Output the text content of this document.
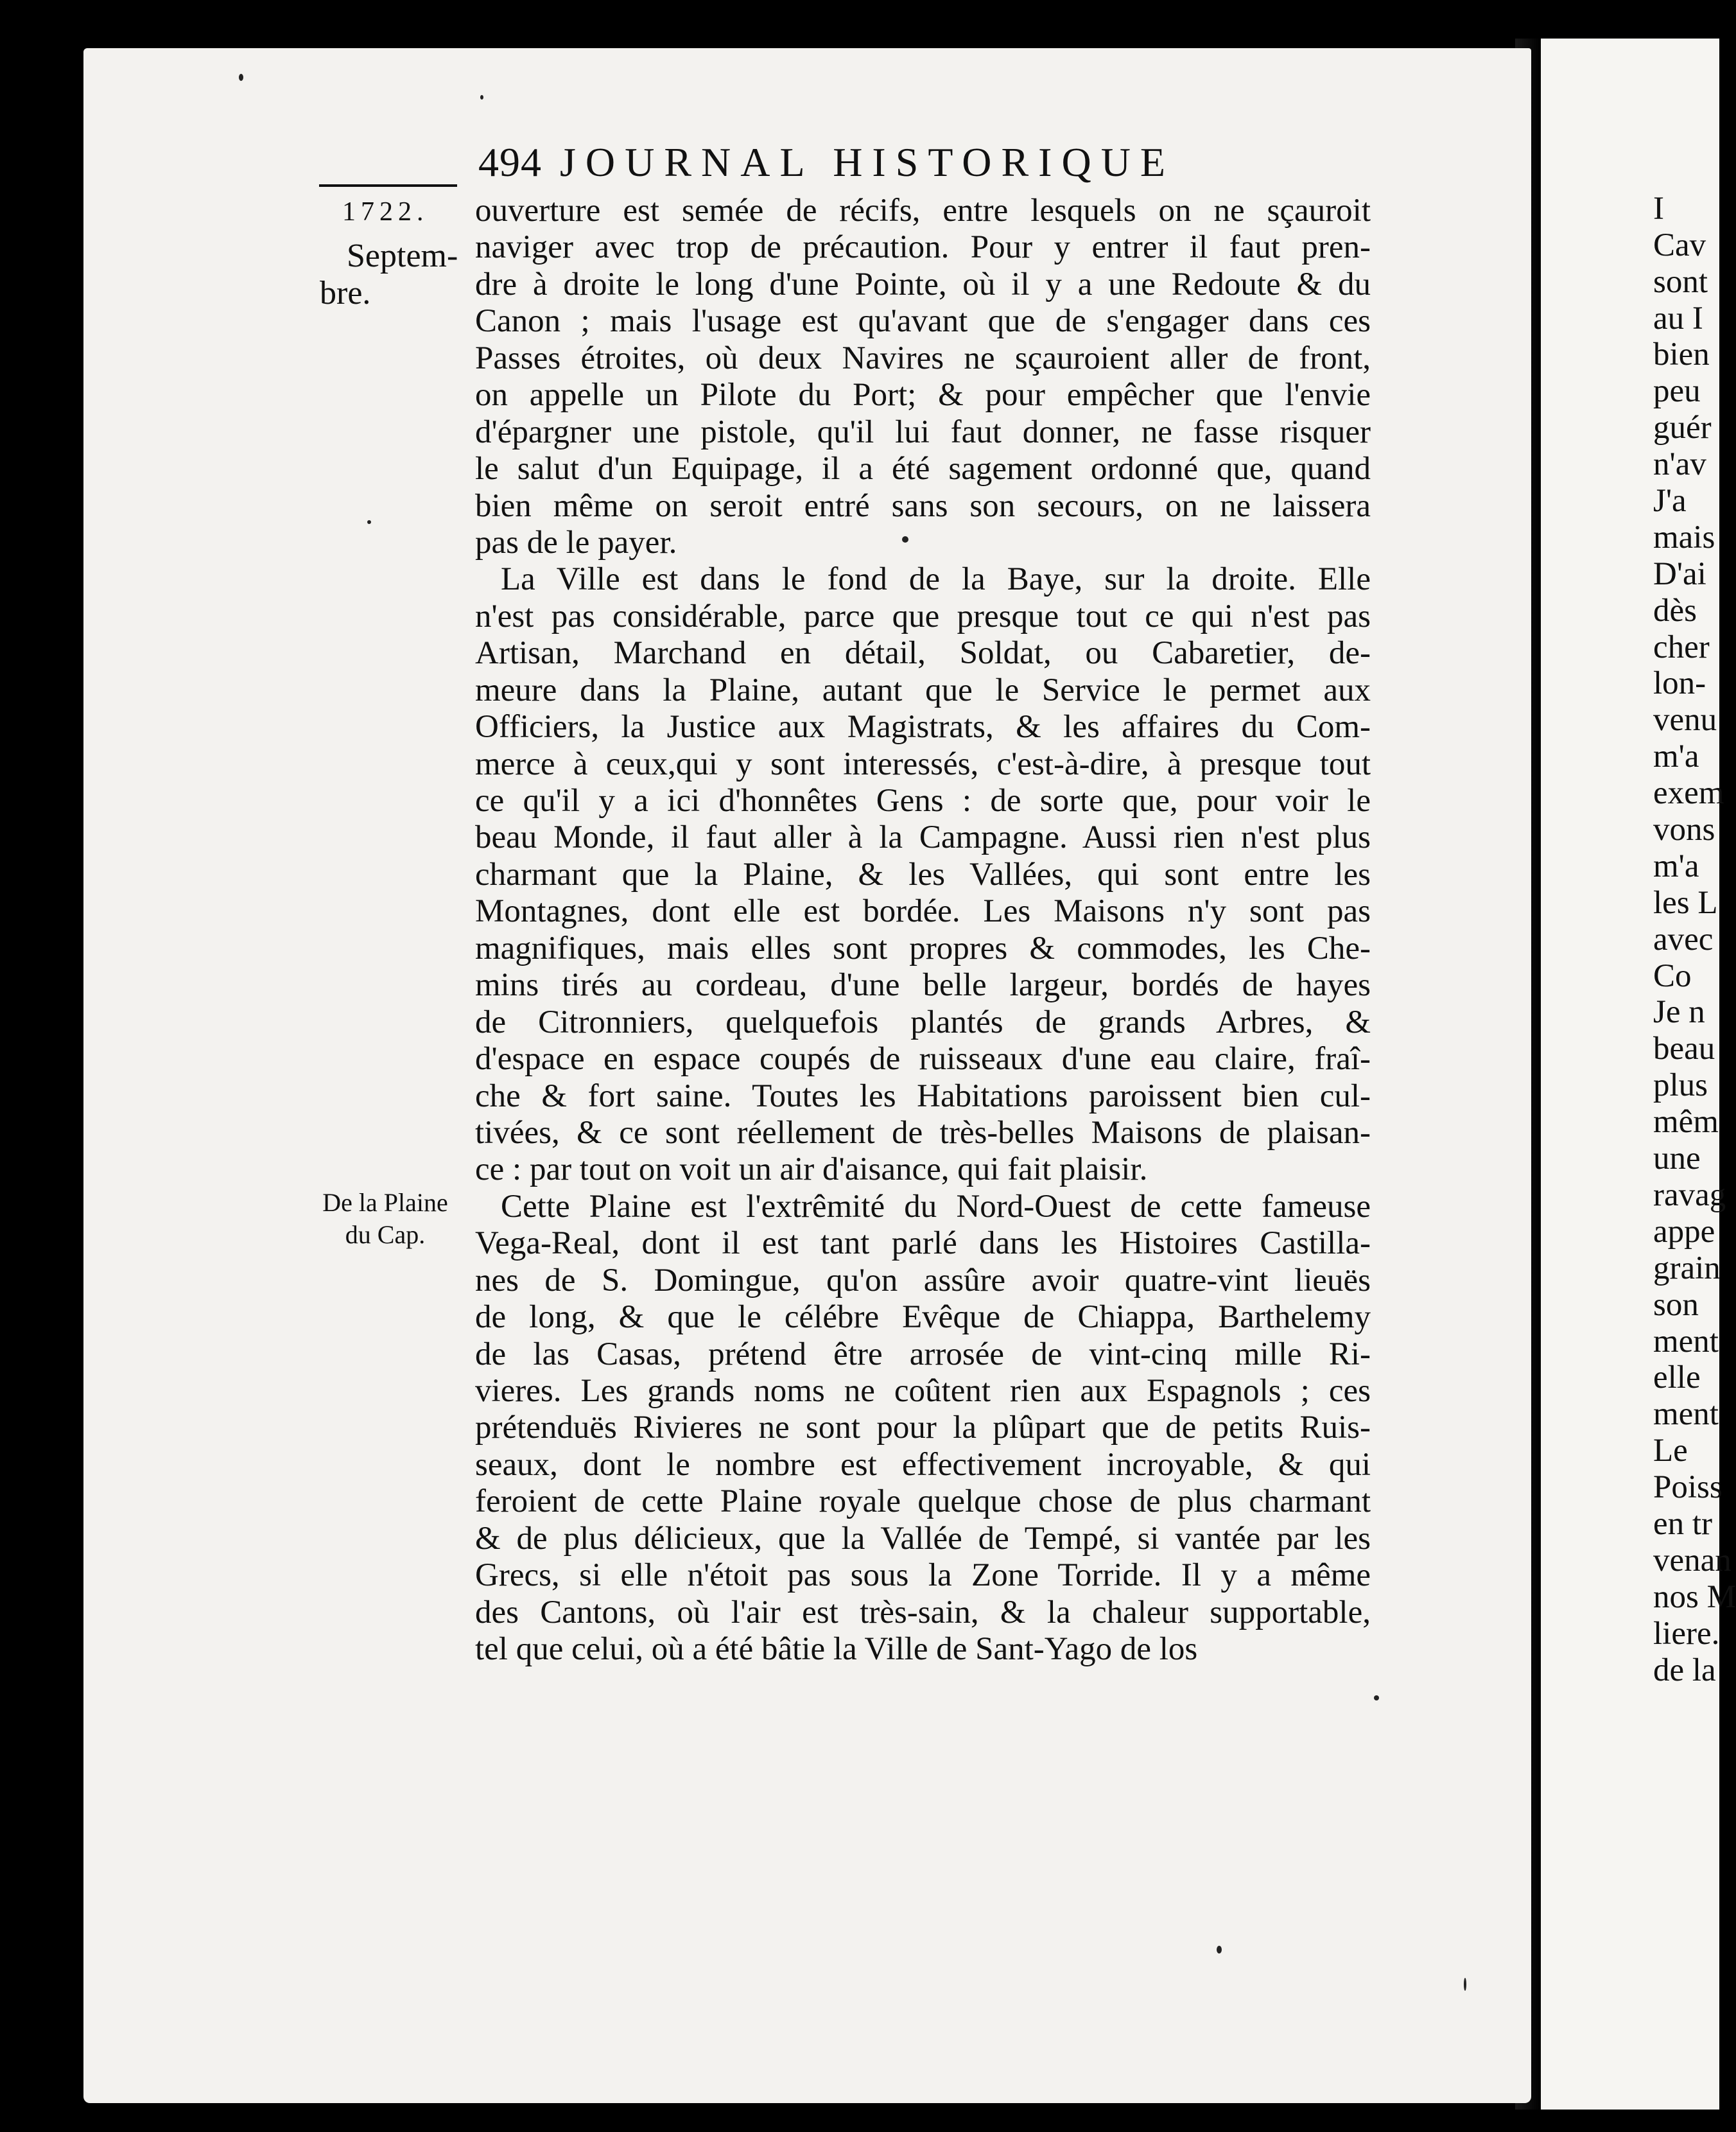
494 JOURNAL HISTORIQUE
1722.
Septem-
bre.
De la Plaine
du Cap.
ouverture est semée de récifs, entre lesquels on ne sçauroit
naviger avec trop de précaution. Pour y entrer il faut pren-
dre à droite le long d'une Pointe, où il y a une Redoute & du
Canon ; mais l'usage est qu'avant que de s'engager dans ces
Passes étroites, où deux Navires ne sçauroient aller de front,
on appelle un Pilote du Port; & pour empêcher que l'envie
d'épargner une pistole, qu'il lui faut donner, ne fasse risquer
le salut d'un Equipage, il a été sagement ordonné que, quand
bien même on seroit entré sans son secours, on ne laissera
pas de le payer.
La Ville est dans le fond de la Baye, sur la droite. Elle
n'est pas considérable, parce que presque tout ce qui n'est pas
Artisan, Marchand en détail, Soldat, ou Cabaretier, de-
meure dans la Plaine, autant que le Service le permet aux
Officiers, la Justice aux Magistrats, & les affaires du Com-
merce à ceux,qui y sont interessés, c'est-à-dire, à presque tout
ce qu'il y a ici d'honnêtes Gens : de sorte que, pour voir le
beau Monde, il faut aller à la Campagne. Aussi rien n'est plus
charmant que la Plaine, & les Vallées, qui sont entre les
Montagnes, dont elle est bordée. Les Maisons n'y sont pas
magnifiques, mais elles sont propres & commodes, les Che-
mins tirés au cordeau, d'une belle largeur, bordés de hayes
de Citronniers, quelquefois plantés de grands Arbres, &
d'espace en espace coupés de ruisseaux d'une eau claire, fraî-
che & fort saine. Toutes les Habitations paroissent bien cul-
tivées, & ce sont réellement de très-belles Maisons de plaisan-
ce : par tout on voit un air d'aisance, qui fait plaisir.
Cette Plaine est l'extrêmité du Nord-Ouest de cette fameuse
Vega-Real, dont il est tant parlé dans les Histoires Castilla-
nes de S. Domingue, qu'on assûre avoir quatre-vint lieuës
de long, & que le célébre Evêque de Chiappa, Barthelemy
de las Casas, prétend être arrosée de vint-cinq mille Ri-
vieres. Les grands noms ne coûtent rien aux Espagnols ; ces
prétenduës Rivieres ne sont pour la plûpart que de petits Ruis-
seaux, dont le nombre est effectivement incroyable, & qui
feroient de cette Plaine royale quelque chose de plus charmant
& de plus délicieux, que la Vallée de Tempé, si vantée par les
Grecs, si elle n'étoit pas sous la Zone Torride. Il y a même
des Cantons, où l'air est très-sain, & la chaleur supportable,
tel que celui, où a été bâtie la Ville de Sant-Yago de los
I
Cav
sont
au I
bien
peu
guér
n'av
J'a
mais
D'ai
dès
cher
lon-
venu
m'a
exem
vons
m'a
les L
avec
Co
Je n
beau
plus
mêm
une
ravag
appe
grain
son
ment
elle
ment
Le
Poiss
en tr
venan
nos M
liere.
de la
